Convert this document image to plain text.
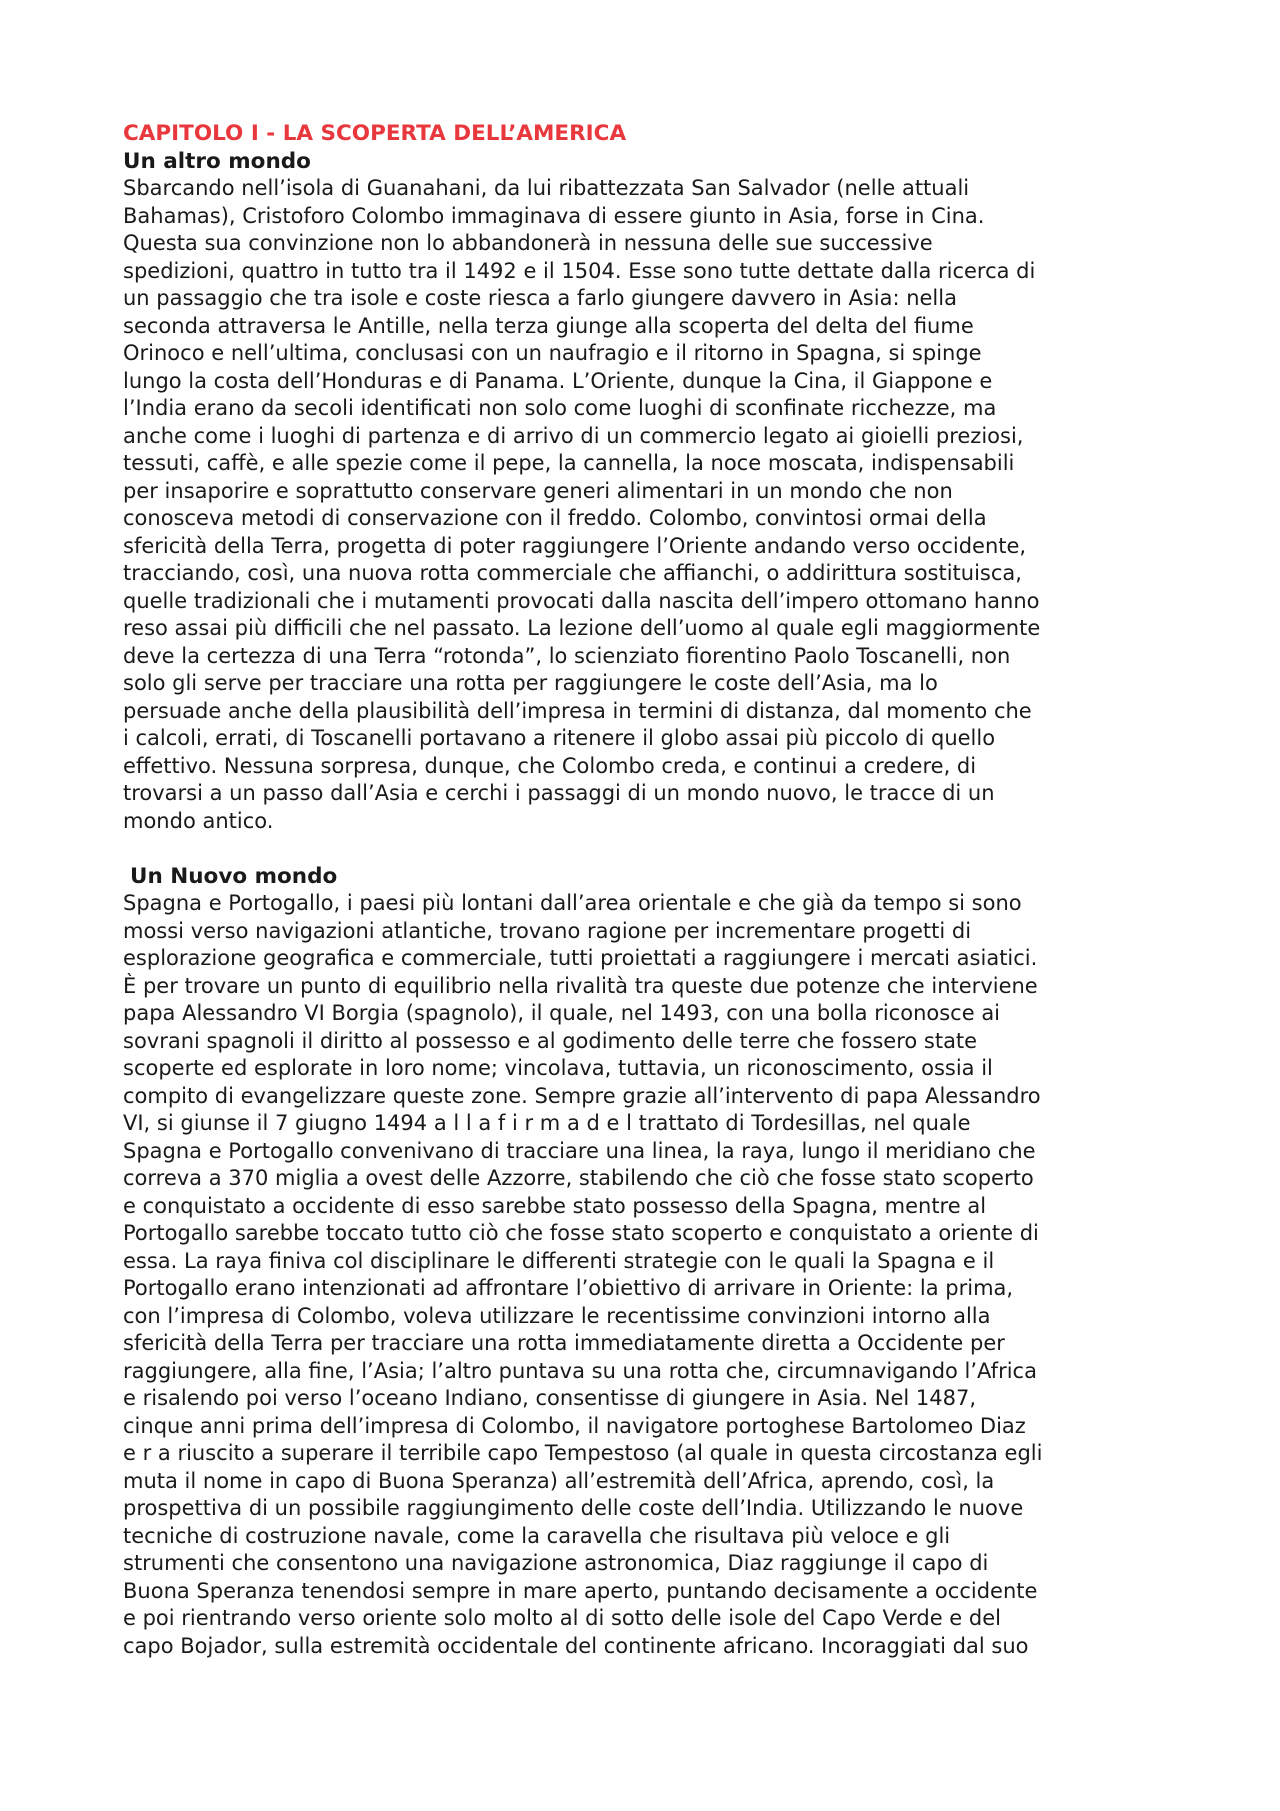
CAPITOLO I - LA SCOPERTA DELL’AMERICA

Un altro mondo

Sbarcando nell’isola di Guanahani, da lui ribattezzata San Salvador (nelle attuali
Bahamas), Cristoforo Colombo immaginava di essere giunto in Asia, forse in Cina.
Questa sua convinzione non lo abbandonerà in nessuna delle sue successive
spedizioni, quattro in tutto tra il 1492 e il 1504. Esse sono tutte dettate dalla ricerca di
un passaggio che tra isole e coste riesca a farlo giungere davvero in Asia: nella
seconda attraversa le Antille, nella terza giunge alla scoperta del delta del fiume
Orinoco e nell’ultima, conclusasi con un naufragio e il ritorno in Spagna, si spinge
lungo la costa dell’Honduras e di Panama. L’Oriente, dunque la Cina, il Giappone e
l’India erano da secoli identificati non solo come luoghi di sconfinate ricchezze, ma
anche come i luoghi di partenza e di arrivo di un commercio legato ai gioielli preziosi,
tessuti, caffè, e alle spezie come il pepe, la cannella, la noce moscata, indispensabili
per insaporire e soprattutto conservare generi alimentari in un mondo che non
conosceva metodi di conservazione con il freddo. Colombo, convintosi ormai della
sfericità della Terra, progetta di poter raggiungere l’Oriente andando verso occidente,
tracciando, così, una nuova rotta commerciale che affianchi, o addirittura sostituisca,
quelle tradizionali che i mutamenti provocati dalla nascita dell’impero ottomano hanno
reso assai più difficili che nel passato. La lezione dell’uomo al quale egli maggiormente
deve la certezza di una Terra “rotonda”, lo scienziato fiorentino Paolo Toscanelli, non
solo gli serve per tracciare una rotta per raggiungere le coste dell’Asia, ma lo
persuade anche della plausibilità dell’impresa in termini di distanza, dal momento che
i calcoli, errati, di Toscanelli portavano a ritenere il globo assai più piccolo di quello
effettivo. Nessuna sorpresa, dunque, che Colombo creda, e continui a credere, di
trovarsi a un passo dall’Asia e cerchi i passaggi di un mondo nuovo, le tracce di un
mondo antico.

Un Nuovo mondo

Spagna e Portogallo, i paesi più lontani dall’area orientale e che già da tempo si sono
mossi verso navigazioni atlantiche, trovano ragione per incrementare progetti di
esplorazione geografica e commerciale, tutti proiettati a raggiungere i mercati asiatici.
È per trovare un punto di equilibrio nella rivalità tra queste due potenze che interviene
papa Alessandro VI Borgia (spagnolo), il quale, nel 1493, con una bolla riconosce ai
sovrani spagnoli il diritto al possesso e al godimento delle terre che fossero state
scoperte ed esplorate in loro nome; vincolava, tuttavia, un riconoscimento, ossia il
compito di evangelizzare queste zone. Sempre grazie all’intervento di papa Alessandro
VI, si giunse il 7 giugno 1494 a l l a f i r m a d e l trattato di Tordesillas, nel quale
Spagna e Portogallo convenivano di tracciare una linea, la raya, lungo il meridiano che
correva a 370 miglia a ovest delle Azzorre, stabilendo che ciò che fosse stato scoperto
e conquistato a occidente di esso sarebbe stato possesso della Spagna, mentre al
Portogallo sarebbe toccato tutto ciò che fosse stato scoperto e conquistato a oriente di
essa. La raya finiva col disciplinare le differenti strategie con le quali la Spagna e il
Portogallo erano intenzionati ad affrontare l’obiettivo di arrivare in Oriente: la prima,
con l’impresa di Colombo, voleva utilizzare le recentissime convinzioni intorno alla
sfericità della Terra per tracciare una rotta immediatamente diretta a Occidente per
raggiungere, alla fine, l’Asia; l’altro puntava su una rotta che, circumnavigando l’Africa
e risalendo poi verso l’oceano Indiano, consentisse di giungere in Asia. Nel 1487,
cinque anni prima dell’impresa di Colombo, il navigatore portoghese Bartolomeo Diaz
e r a riuscito a superare il terribile capo Tempestoso (al quale in questa circostanza egli
muta il nome in capo di Buona Speranza) all’estremità dell’Africa, aprendo, così, la
prospettiva di un possibile raggiungimento delle coste dell’India. Utilizzando le nuove
tecniche di costruzione navale, come la caravella che risultava più veloce e gli
strumenti che consentono una navigazione astronomica, Diaz raggiunge il capo di
Buona Speranza tenendosi sempre in mare aperto, puntando decisamente a occidente
e poi rientrando verso oriente solo molto al di sotto delle isole del Capo Verde e del
capo Bojador, sulla estremità occidentale del continente africano. Incoraggiati dal suo
